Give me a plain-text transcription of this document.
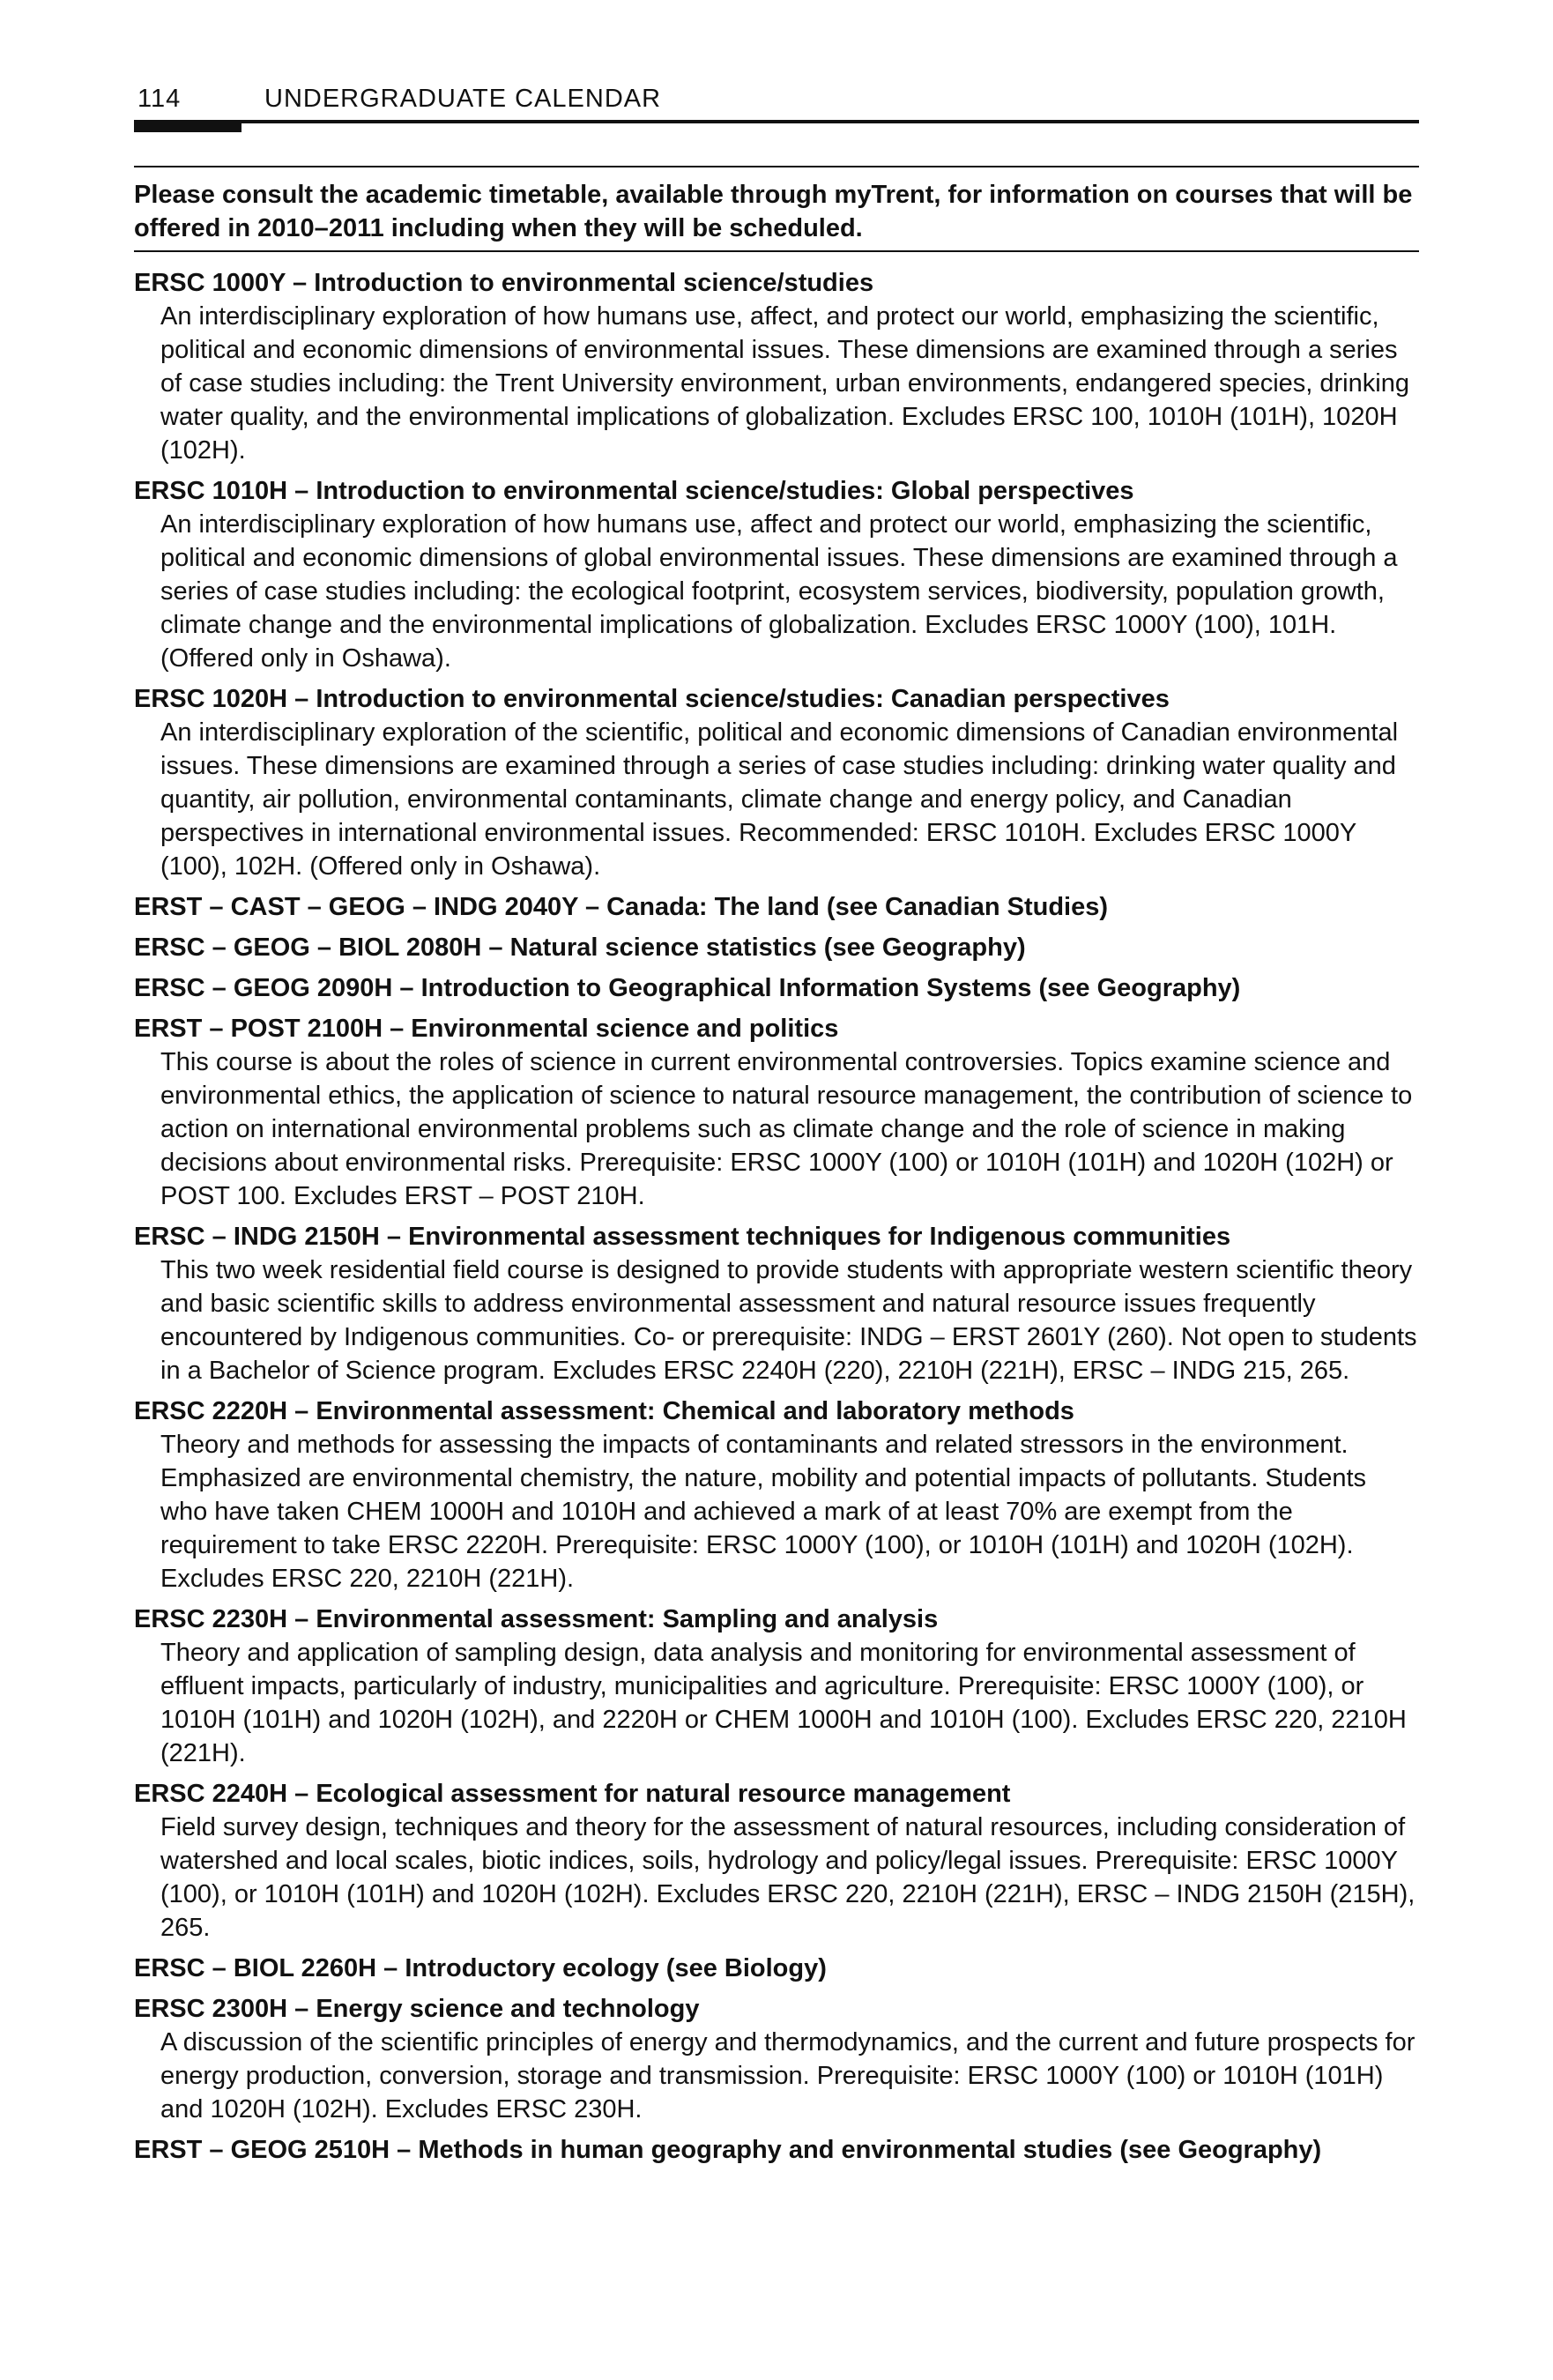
114	UNDERGRADUATE CALENDAR
Please consult the academic timetable, available through myTrent, for information on courses that will be offered in 2010–2011 including when they will be scheduled.
ERSC 1000Y – Introduction to environmental science/studies
An interdisciplinary exploration of how humans use, affect, and protect our world, emphasizing the scientific, political and economic dimensions of environmental issues. These dimensions are examined through a series of case studies including: the Trent University environment, urban environments, endangered species, drinking water quality, and the environmental implications of globalization. Excludes ERSC 100, 1010H (101H), 1020H (102H).
ERSC 1010H – Introduction to environmental science/studies: Global perspectives
An interdisciplinary exploration of how humans use, affect and protect our world, emphasizing the scientific, political and economic dimensions of global environmental issues. These dimensions are examined through a series of case studies including: the ecological footprint, ecosystem services, biodiversity, population growth, climate change and the environmental implications of globalization. Excludes ERSC 1000Y (100), 101H. (Offered only in Oshawa).
ERSC 1020H – Introduction to environmental science/studies: Canadian perspectives
An interdisciplinary exploration of the scientific, political and economic dimensions of Canadian environmental issues. These dimensions are examined through a series of case studies including: drinking water quality and quantity, air pollution, environmental contaminants, climate change and energy policy, and Canadian perspectives in international environmental issues. Recommended: ERSC 1010H. Excludes ERSC 1000Y (100), 102H. (Offered only in Oshawa).
ERST – CAST – GEOG – INDG 2040Y – Canada: The land (see Canadian Studies)
ERSC – GEOG – BIOL 2080H – Natural science statistics (see Geography)
ERSC – GEOG 2090H – Introduction to Geographical Information Systems (see Geography)
ERST – POST 2100H – Environmental science and politics
This course is about the roles of science in current environmental controversies. Topics examine science and environmental ethics, the application of science to natural resource management, the contribution of science to action on international environmental problems such as climate change and the role of science in making decisions about environmental risks. Prerequisite: ERSC 1000Y (100) or 1010H (101H) and 1020H (102H) or POST 100. Excludes ERST – POST 210H.
ERSC – INDG 2150H – Environmental assessment techniques for Indigenous communities
This two week residential field course is designed to provide students with appropriate western scientific theory and basic scientific skills to address environmental assessment and natural resource issues frequently encountered by Indigenous communities. Co- or prerequisite: INDG – ERST 2601Y (260). Not open to students in a Bachelor of Science program. Excludes ERSC 2240H (220), 2210H (221H), ERSC – INDG 215, 265.
ERSC 2220H – Environmental assessment: Chemical and laboratory methods
Theory and methods for assessing the impacts of contaminants and related stressors in the environment. Emphasized are environmental chemistry, the nature, mobility and potential impacts of pollutants. Students who have taken CHEM 1000H and 1010H and achieved a mark of at least 70% are exempt from the requirement to take ERSC 2220H. Prerequisite: ERSC 1000Y (100), or 1010H (101H) and 1020H (102H). Excludes ERSC 220, 2210H (221H).
ERSC 2230H – Environmental assessment: Sampling and analysis
Theory and application of sampling design, data analysis and monitoring for environmental assessment of effluent impacts, particularly of industry, municipalities and agriculture. Prerequisite: ERSC 1000Y (100), or 1010H (101H) and 1020H (102H), and 2220H or CHEM 1000H and 1010H (100). Excludes ERSC 220, 2210H (221H).
ERSC 2240H – Ecological assessment for natural resource management
Field survey design, techniques and theory for the assessment of natural resources, including consideration of watershed and local scales, biotic indices, soils, hydrology and policy/legal issues. Prerequisite: ERSC 1000Y (100), or 1010H (101H) and 1020H (102H). Excludes ERSC 220, 2210H (221H), ERSC – INDG 2150H (215H), 265.
ERSC – BIOL 2260H – Introductory ecology (see Biology)
ERSC 2300H – Energy science and technology
A discussion of the scientific principles of energy and thermodynamics, and the current and future prospects for energy production, conversion, storage and transmission. Prerequisite: ERSC 1000Y (100) or 1010H (101H) and 1020H (102H). Excludes ERSC 230H.
ERST – GEOG 2510H – Methods in human geography and environmental studies (see Geography)
